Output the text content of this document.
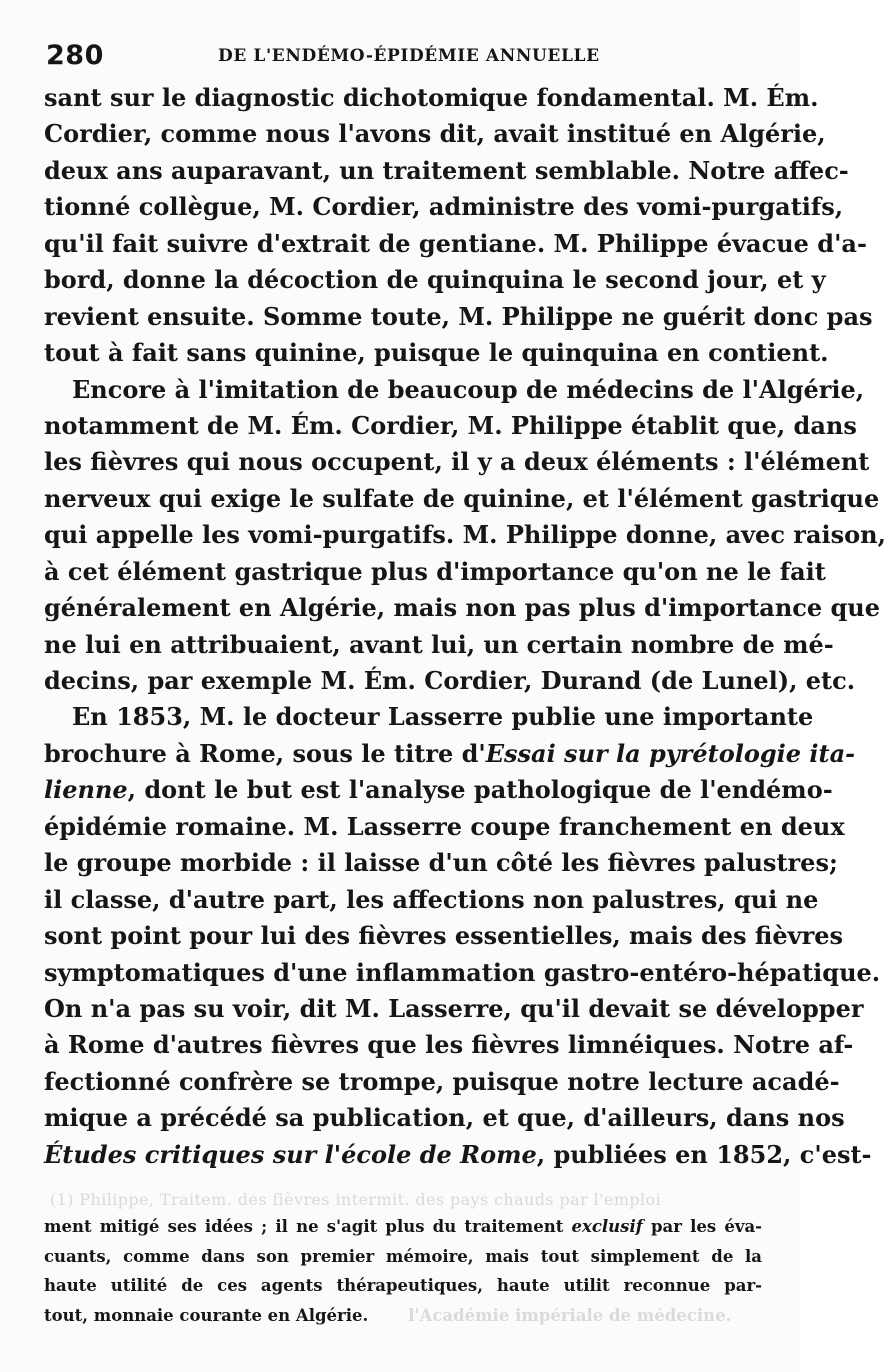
280	DE L'ENDÉMO-ÉPIDÉMIE ANNUELLE
sant sur le diagnostic dichotomique fondamental. M. Ém.
Cordier, comme nous l'avons dit, avait institué en Algérie,
deux ans auparavant, un traitement semblable. Notre affec-
tionné collègue, M. Cordier, administre des vomi-purgatifs,
qu'il fait suivre d'extrait de gentiane. M. Philippe évacue d'a-
bord, donne la décoction de quinquina le second jour, et y
revient ensuite. Somme toute, M. Philippe ne guérit donc pas
tout à fait sans quinine, puisque le quinquina en contient.
Encore à l'imitation de beaucoup de médecins de l'Algérie,
notamment de M. Ém. Cordier, M. Philippe établit que, dans
les fièvres qui nous occupent, il y a deux éléments : l'élément
nerveux qui exige le sulfate de quinine, et l'élément gastrique
qui appelle les vomi-purgatifs. M. Philippe donne, avec raison,
à cet élément gastrique plus d'importance qu'on ne le fait
généralement en Algérie, mais non pas plus d'importance que
ne lui en attribuaient, avant lui, un certain nombre de mé-
decins, par exemple M. Ém. Cordier, Durand (de Lunel), etc.
En 1853, M. le docteur Lasserre publie une importante
brochure à Rome, sous le titre d'Essai sur la pyrétologie ita-
lienne, dont le but est l'analyse pathologique de l'endémo-
épidémie romaine. M. Lasserre coupe franchement en deux
le groupe morbide : il laisse d'un côté les fièvres palustres;
il classe, d'autre part, les affections non palustres, qui ne
sont point pour lui des fièvres essentielles, mais des fièvres
symptomatiques d'une inflammation gastro-entéro-hépatique.
On n'a pas su voir, dit M. Lasserre, qu'il devait se développer
à Rome d'autres fièvres que les fièvres limnéiques. Notre af-
fectionné confrère se trompe, puisque notre lecture acadé-
mique a précédé sa publication, et que, d'ailleurs, dans nos
Études critiques sur l'école de Rome, publiées en 1852, c'est-
(1) Philippe, Traitem. des fièvres intermit. des pays chauds par l'emploi
ment mitigé ses idées ; il ne s'agit plus du traitement exclusif par les éva-
cuants, comme dans son premier mémoire, mais tout simplement de la
haute utilité de ces agents thérapeutiques, haute utilit reconnue par-
tout, monnaie courante en Algérie. l'Académie impériale de médecine.
